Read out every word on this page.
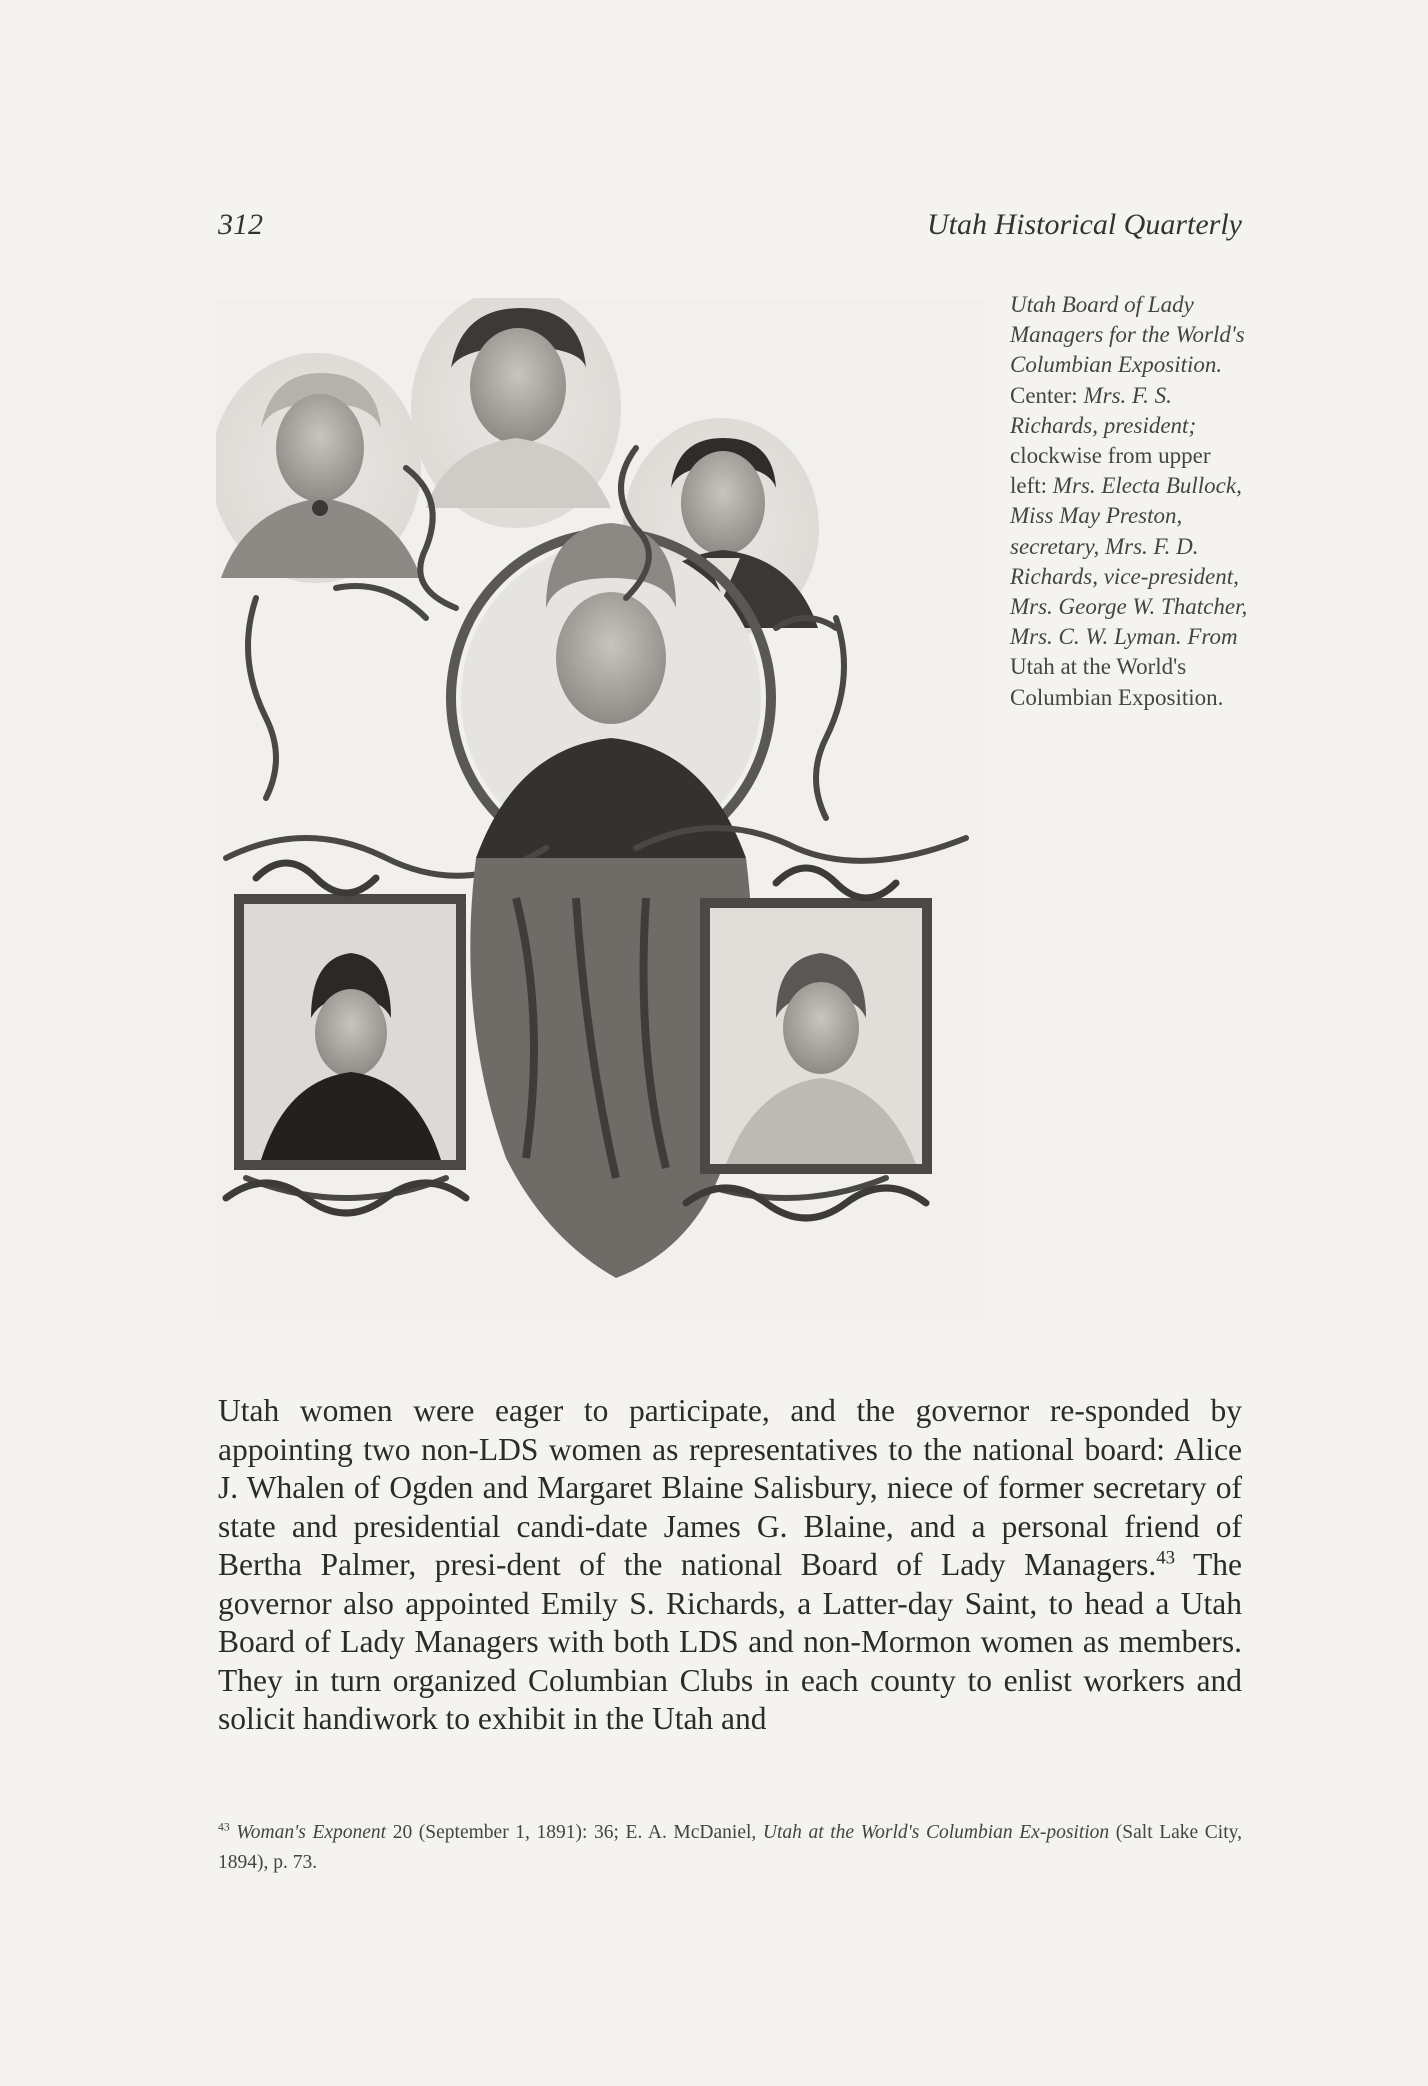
312	Utah Historical Quarterly
Utah Board of Lady Managers for the World's Columbian Exposition. Center: Mrs. F. S. Richards, president; clockwise from upper left: Mrs. Electa Bullock, Miss May Preston, secretary, Mrs. F. D. Richards, vice-president, Mrs. George W. Thatcher, Mrs. C. W. Lyman. From Utah at the World's Columbian Exposition.

Utah women were eager to participate, and the governor re-sponded by appointing two non-LDS women as representatives to the national board: Alice J. Whalen of Ogden and Margaret Blaine Salisbury, niece of former secretary of state and presidential candi-date James G. Blaine, and a personal friend of Bertha Palmer, presi-dent of the national Board of Lady Managers.$^{43}$ The governor also appointed Emily S. Richards, a Latter-day Saint, to head a Utah Board of Lady Managers with both LDS and non-Mormon women as members. They in turn organized Columbian Clubs in each county to enlist workers and solicit handiwork to exhibit in the Utah and

$^{43}$ Woman's Exponent 20 (September 1, 1891): 36; E. A. McDaniel, Utah at the World's Columbian Ex-position (Salt Lake City, 1894), p. 73.
